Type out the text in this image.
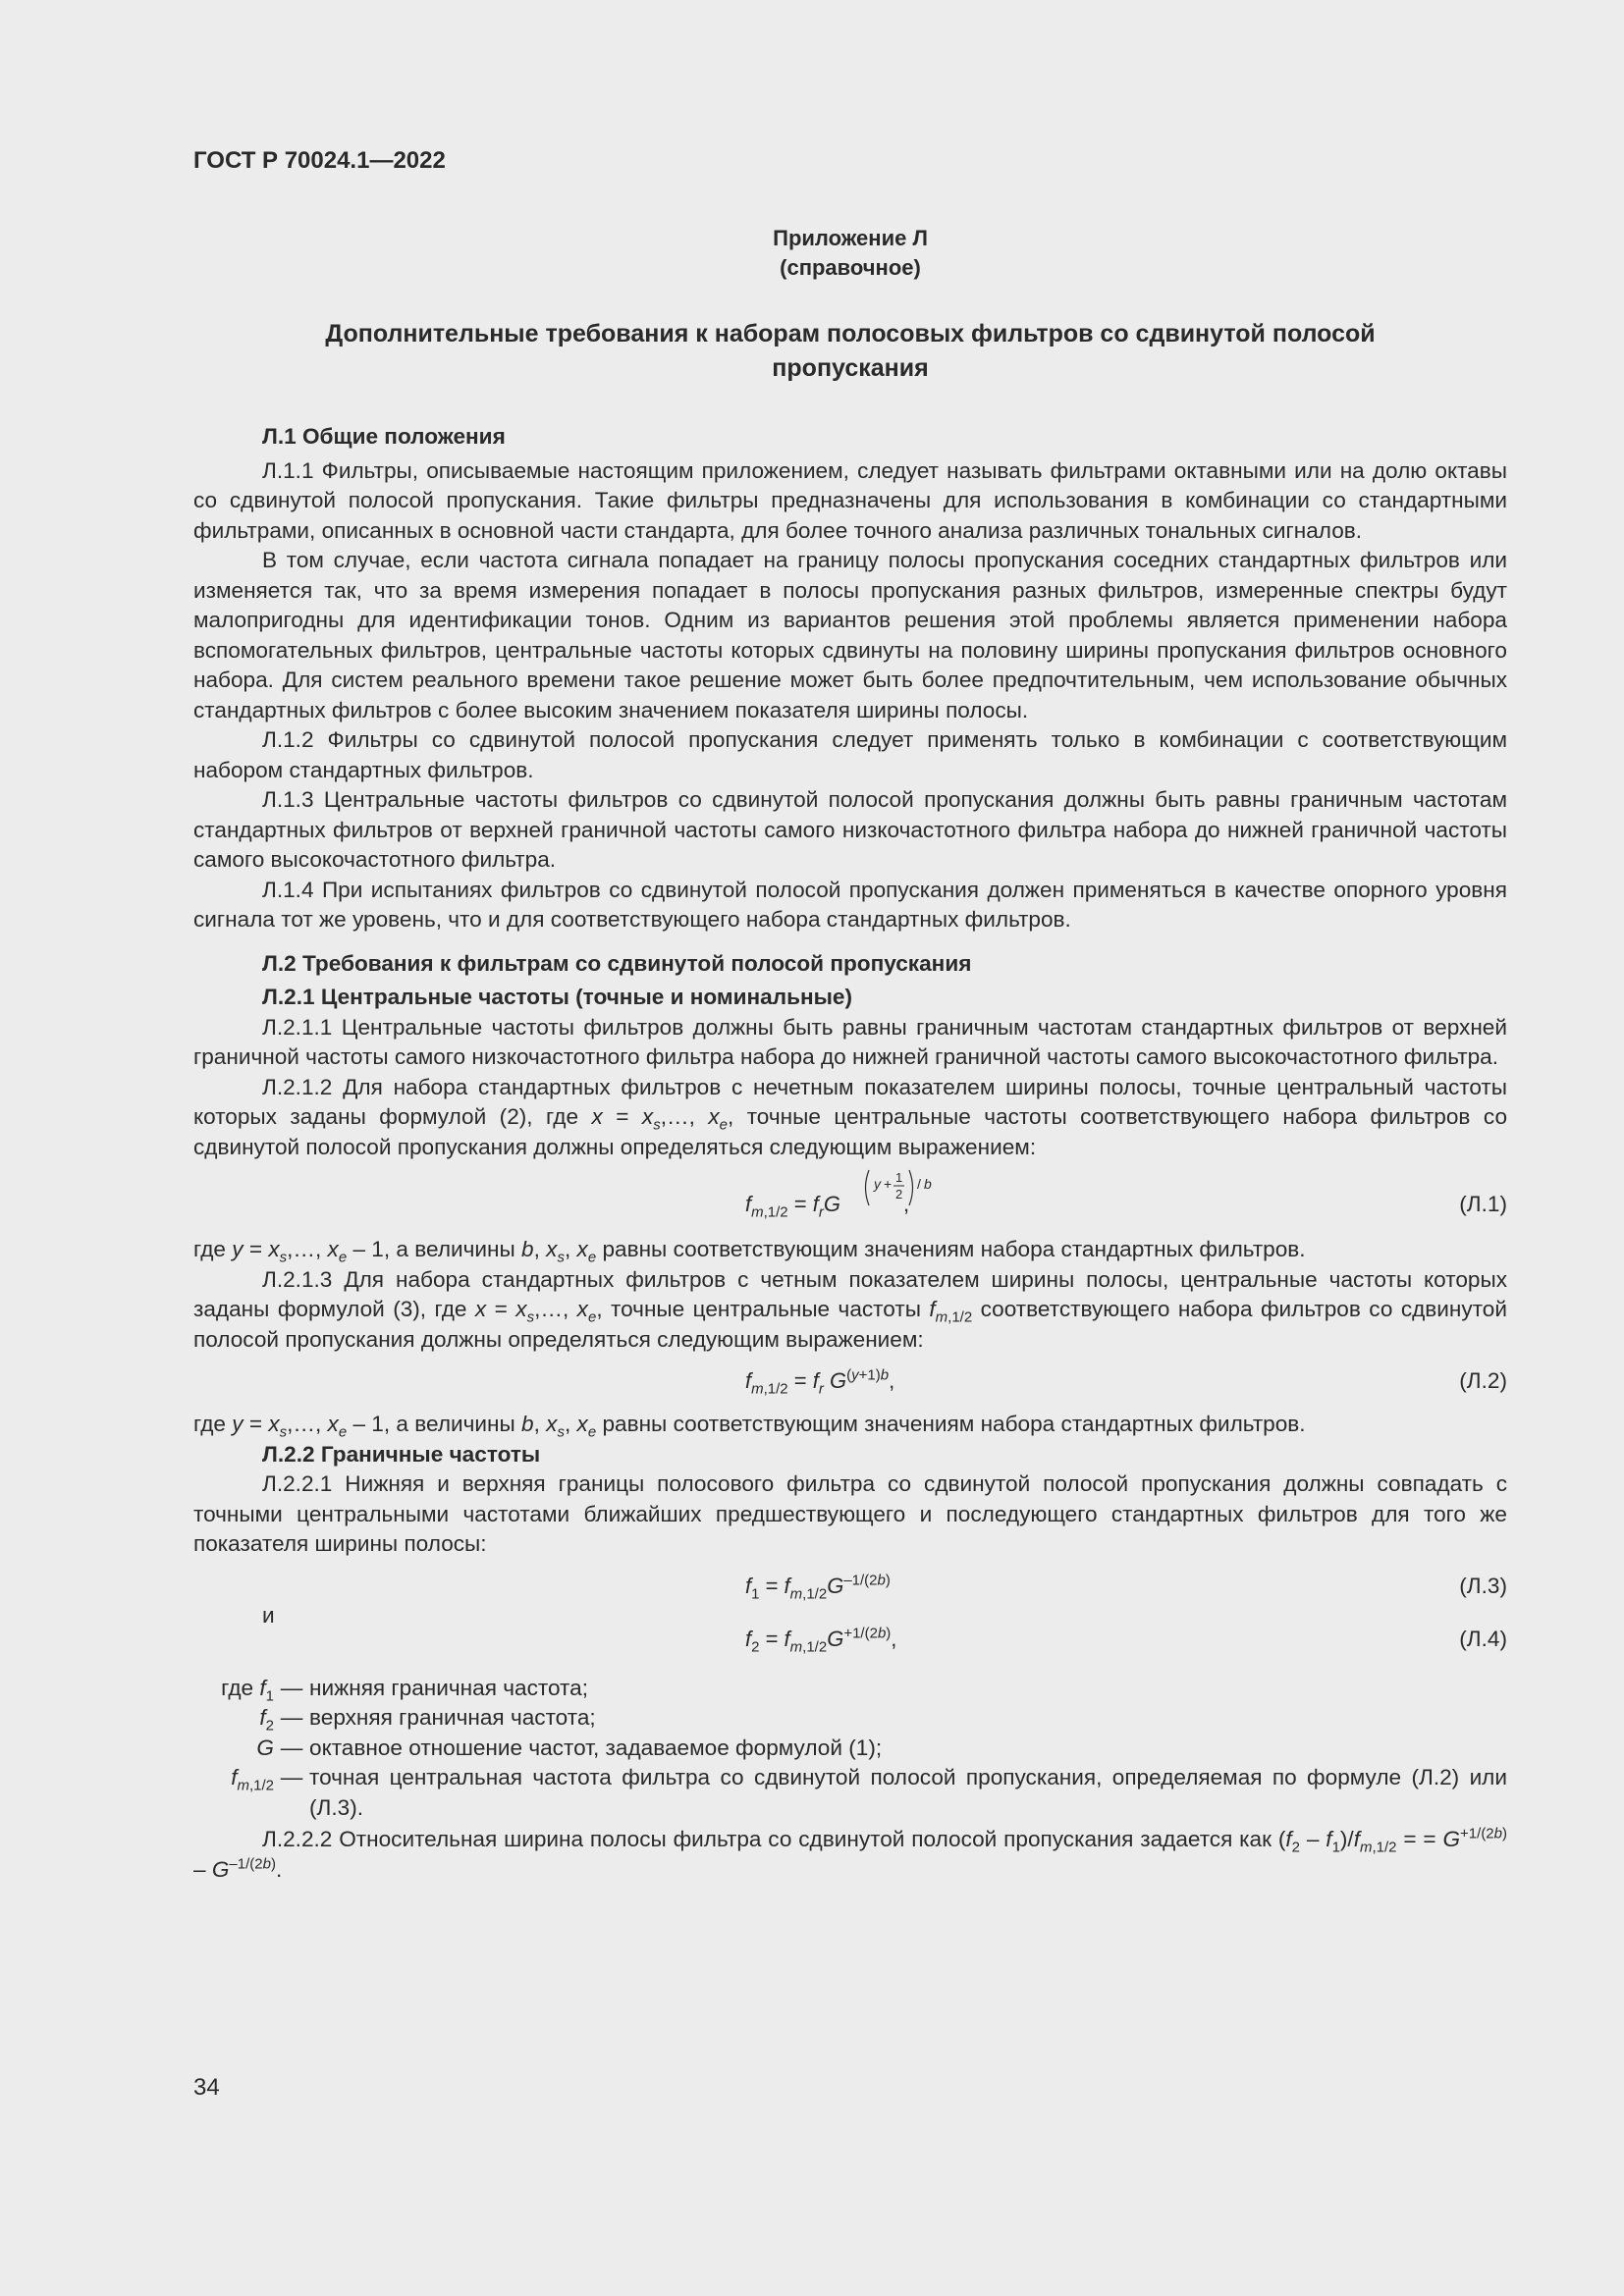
ГОСТ Р 70024.1—2022
Приложение Л
(справочное)
Дополнительные требования к наборам полосовых фильтров со сдвинутой полосой
пропускания

Л.1 Общие положения

Л.1.1 Фильтры, описываемые настоящим приложением, следует называть фильтрами октавными или на долю октавы со сдвинутой полосой пропускания. Такие фильтры предназначены для использования в комбинации со стандартными фильтрами, описанных в основной части стандарта, для более точного анализа различных тональных сигналов.

В том случае, если частота сигнала попадает на границу полосы пропускания соседних стандартных фильтров или изменяется так, что за время измерения попадает в полосы пропускания разных фильтров, измеренные спектры будут малопригодны для идентификации тонов. Одним из вариантов решения этой проблемы является применении набора вспомогательных фильтров, центральные частоты которых сдвинуты на половину ширины пропускания фильтров основного набора. Для систем реального времени такое решение может быть более предпочтительным, чем использование обычных стандартных фильтров с более высоким значением показателя ширины полосы.

Л.1.2 Фильтры со сдвинутой полосой пропускания следует применять только в комбинации с соответствующим набором стандартных фильтров.

Л.1.3 Центральные частоты фильтров со сдвинутой полосой пропускания должны быть равны граничным частотам стандартных фильтров от верхней граничной частоты самого низкочастотного фильтра набора до нижней граничной частоты самого высокочастотного фильтра.

Л.1.4 При испытаниях фильтров со сдвинутой полосой пропускания должен применяться в качестве опорного уровня сигнала тот же уровень, что и для соответствующего набора стандартных фильтров.

Л.2 Требования к фильтрам со сдвинутой полосой пропускания

Л.2.1 Центральные частоты (точные и номинальные)

Л.2.1.1 Центральные частоты фильтров должны быть равны граничным частотам стандартных фильтров от верхней граничной частоты самого низкочастотного фильтра набора до нижней граничной частоты самого высокочастотного фильтра.

Л.2.1.2 Для набора стандартных фильтров с нечетным показателем ширины полосы, точные центральный частоты которых заданы формулой (2), где $x = x_s,\dots$, $x_e$, точные центральные частоты соответствующего набора фильтров со сдвинутой полосой пропускания должны определяться следующим выражением:

$f_{m,1/2} = f_rG$
y + 1
2
/ b
,	(Л.1)

где $y = x_s,\dots$, $x_e - 1$, а величины b, $x_s$, $x_e$ равны соответствующим значениям набора стандартных фильтров.

Л.2.1.3 Для набора стандартных фильтров с четным показателем ширины полосы, центральные частоты которых заданы формулой (3), где $x = x_s,\dots$, $x_e$, точные центральные частоты $f_{m,1/2}$ соответствующего набора фильтров со сдвинутой полосой пропускания должны определяться следующим выражением:

$f_{m,1/2} = f_r$ $G^{(y+1)b}$,	(Л.2)

где $y = x_s,\dots$, $x_e - 1$, а величины b, $x_s$, $x_e$ равны соответствующим значениям набора стандартных фильтров.

Л.2.2 Граничные частоты

Л.2.2.1 Нижняя и верхняя границы полосового фильтра со сдвинутой полосой пропускания должны совпадать с точными центральными частотами ближайших предшествующего и последующего стандартных фильтров для того же показателя ширины полосы:

$f_1 = f_{m,1/2}G^{-1/(2b)}$	(Л.3)
и
$f_2 = f_{m,1/2}G^{+1/(2b)}$,	(Л.4)
где $f_1$ — нижняя граничная частота;
$f_2$ — верхняя граничная частота;
G — октавное отношение частот, задаваемое формулой (1);
$f_{m,1/2}$ — точная центральная частота фильтра со сдвинутой полосой пропускания, определяемая по формуле (Л.2) или (Л.3).

Л.2.2.2 Относительная ширина полосы фильтра со сдвинутой полосой пропускания задается как $(f_2 - f_1)/f_{m,1/2}$ = = $G^{+1/(2b)} - G^{-1/(2b)}$.

34
